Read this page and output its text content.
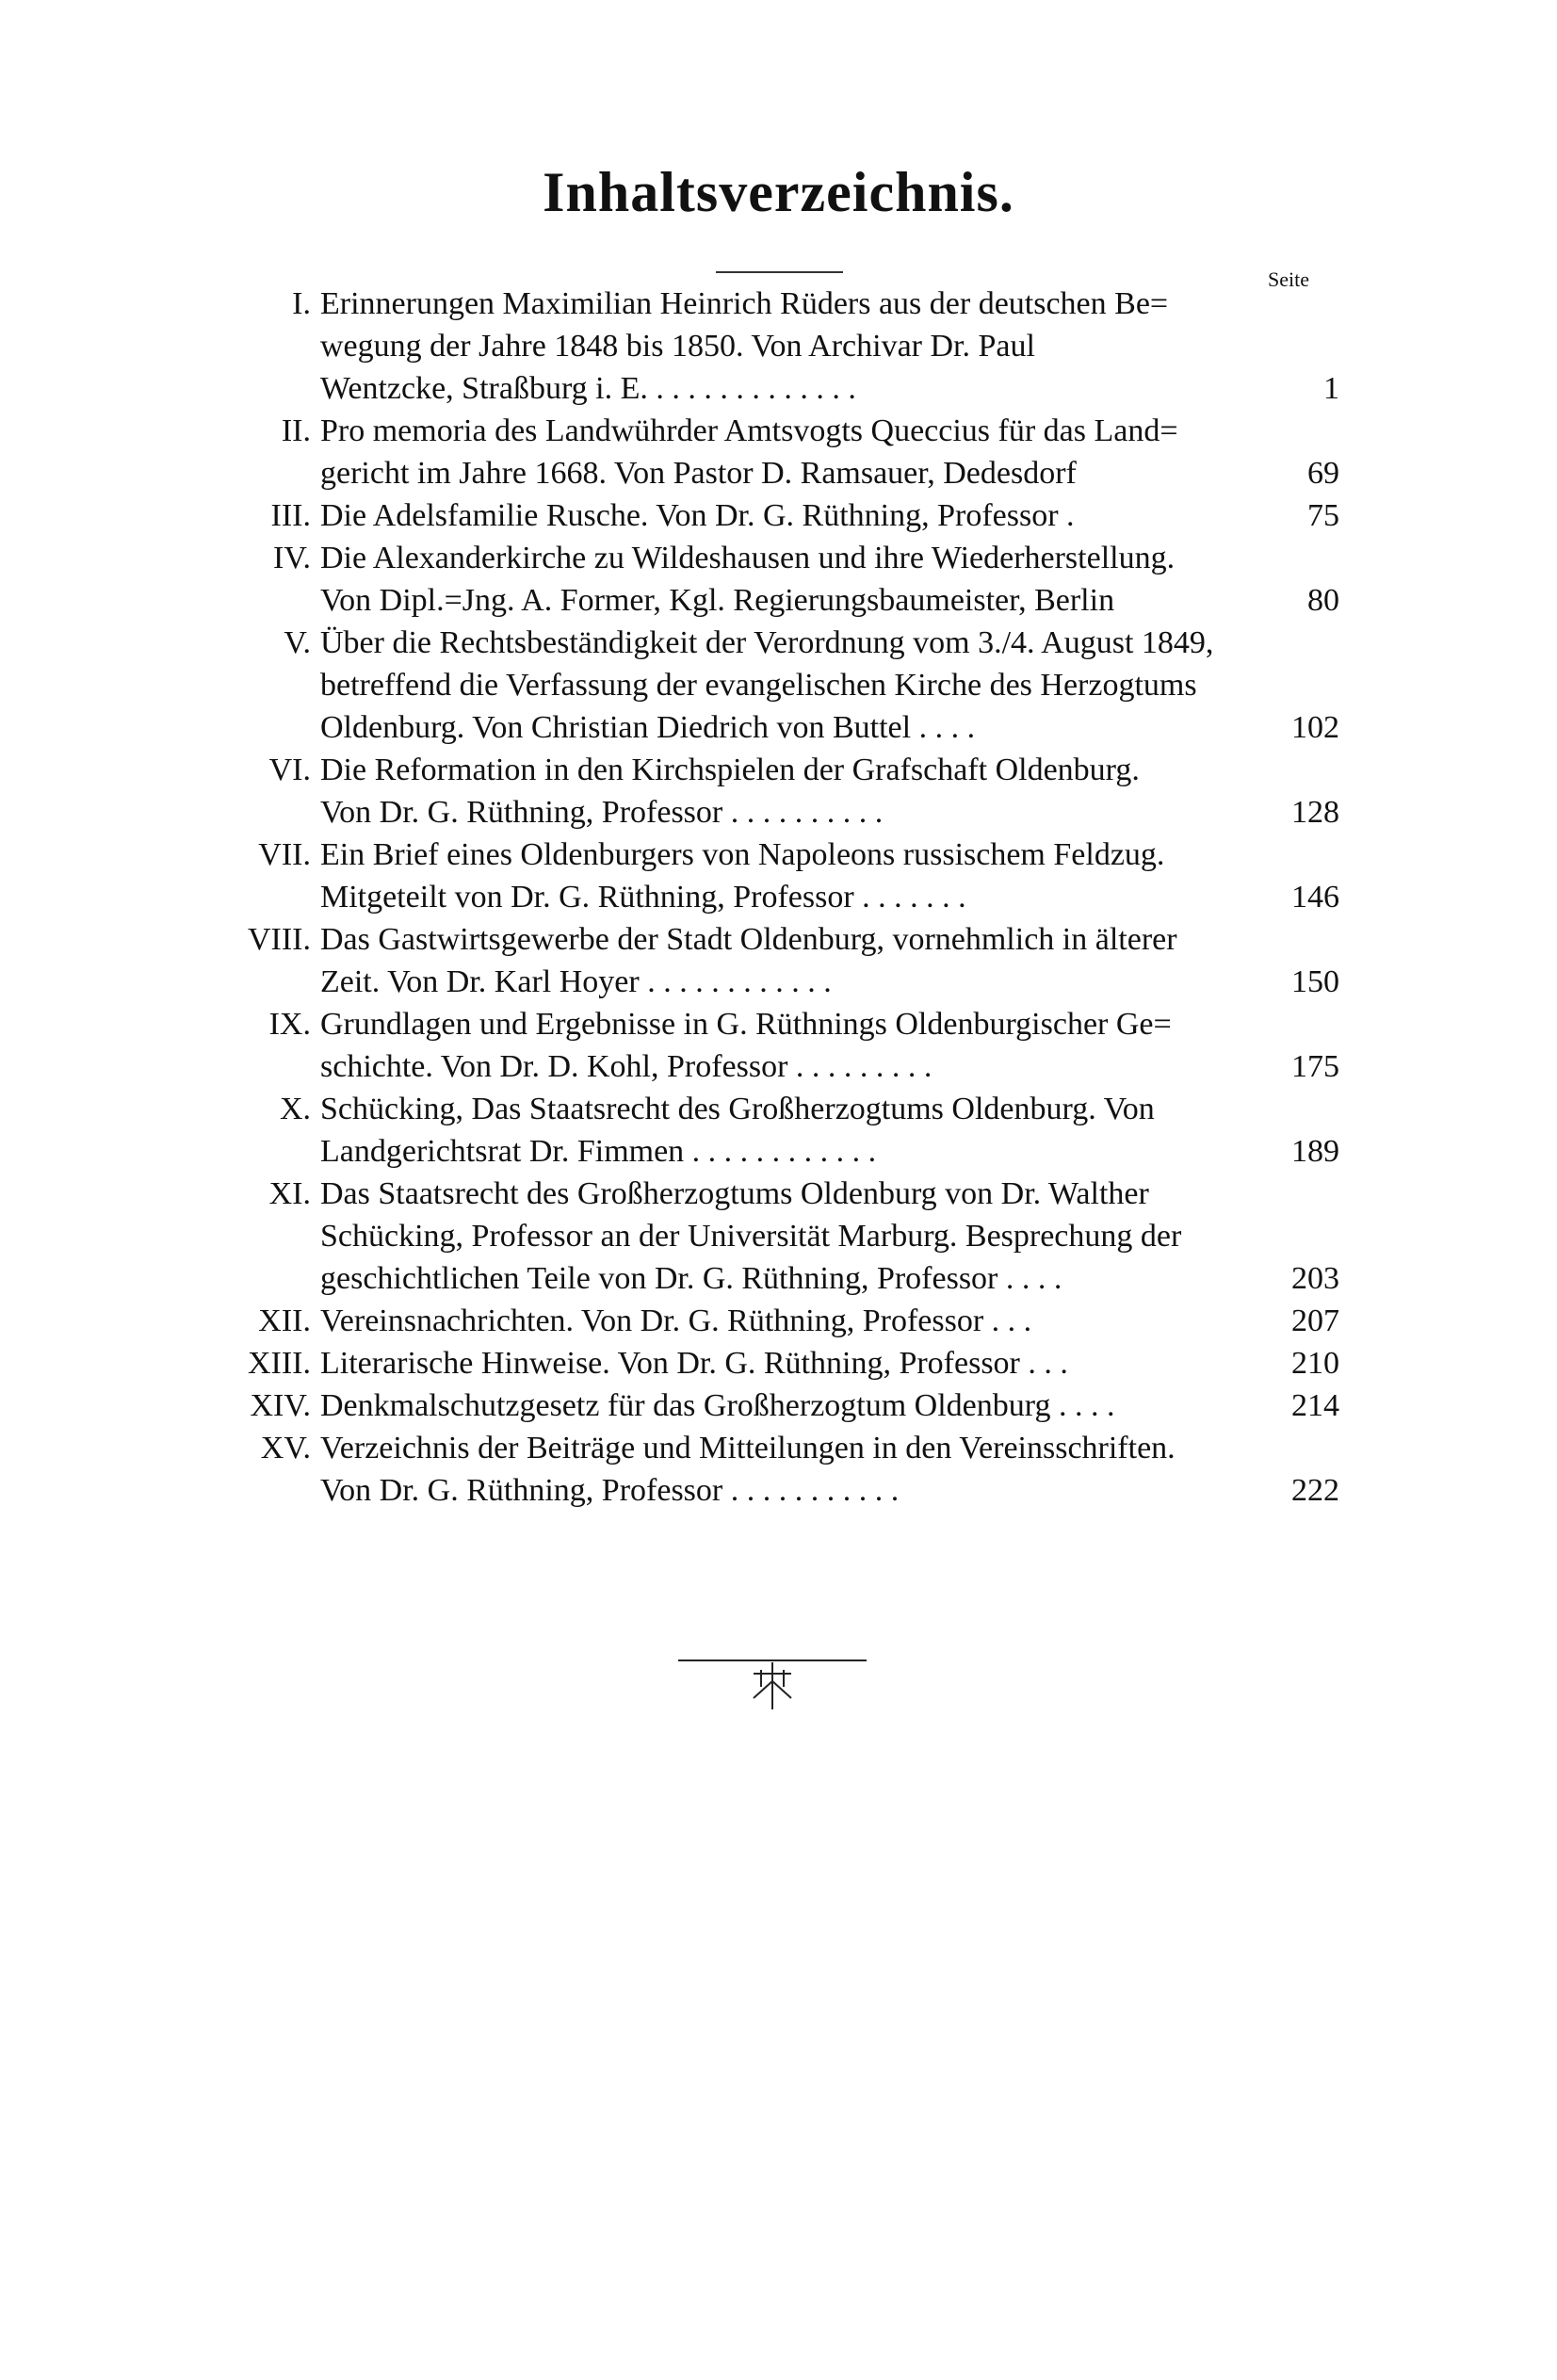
Inhaltsverzeichnis.
Seite
I. Erinnerungen Maximilian Heinrich Rüders aus der deutschen Be=
wegung der Jahre 1848 bis 1850. Von Archivar Dr. Paul
Wentzcke, Straßburg i. E. . . . . . . . . . . . . .	1
II. Pro memoria des Landwührder Amtsvogts Queccius für das Land=
gericht im Jahre 1668. Von Pastor D. Ramsauer, Dedesdorf	69
III. Die Adelsfamilie Rusche. Von Dr. G. Rüthning, Professor .	75
IV. Die Alexanderkirche zu Wildeshausen und ihre Wiederherstellung.
Von Dipl.=Jng. A. Former, Kgl. Regierungsbaumeister, Berlin	80
V. Über die Rechtsbeständigkeit der Verordnung vom 3./4. August 1849,
betreffend die Verfassung der evangelischen Kirche des Herzogtums
Oldenburg. Von Christian Diedrich von Buttel . . . .	102
VI. Die Reformation in den Kirchspielen der Grafschaft Oldenburg.
Von Dr. G. Rüthning, Professor . . . . . . . . . .	128
VII. Ein Brief eines Oldenburgers von Napoleons russischem Feldzug.
Mitgeteilt von Dr. G. Rüthning, Professor . . . . . . .	146
VIII. Das Gastwirtsgewerbe der Stadt Oldenburg, vornehmlich in älterer
Zeit. Von Dr. Karl Hoyer . . . . . . . . . . . .	150
IX. Grundlagen und Ergebnisse in G. Rüthnings Oldenburgischer Ge=
schichte. Von Dr. D. Kohl, Professor . . . . . . . . .	175
X. Schücking, Das Staatsrecht des Großherzogtums Oldenburg. Von
Landgerichtsrat Dr. Fimmen . . . . . . . . . . . .	189
XI. Das Staatsrecht des Großherzogtums Oldenburg von Dr. Walther
Schücking, Professor an der Universität Marburg. Besprechung der
geschichtlichen Teile von Dr. G. Rüthning, Professor . . . .	203
XII. Vereinsnachrichten. Von Dr. G. Rüthning, Professor . . .	207
XIII. Literarische Hinweise. Von Dr. G. Rüthning, Professor . . .	210
XIV. Denkmalschutzgesetz für das Großherzogtum Oldenburg . . . .	214
XV. Verzeichnis der Beiträge und Mitteilungen in den Vereinsschriften.
Von Dr. G. Rüthning, Professor . . . . . . . . . . .	222
